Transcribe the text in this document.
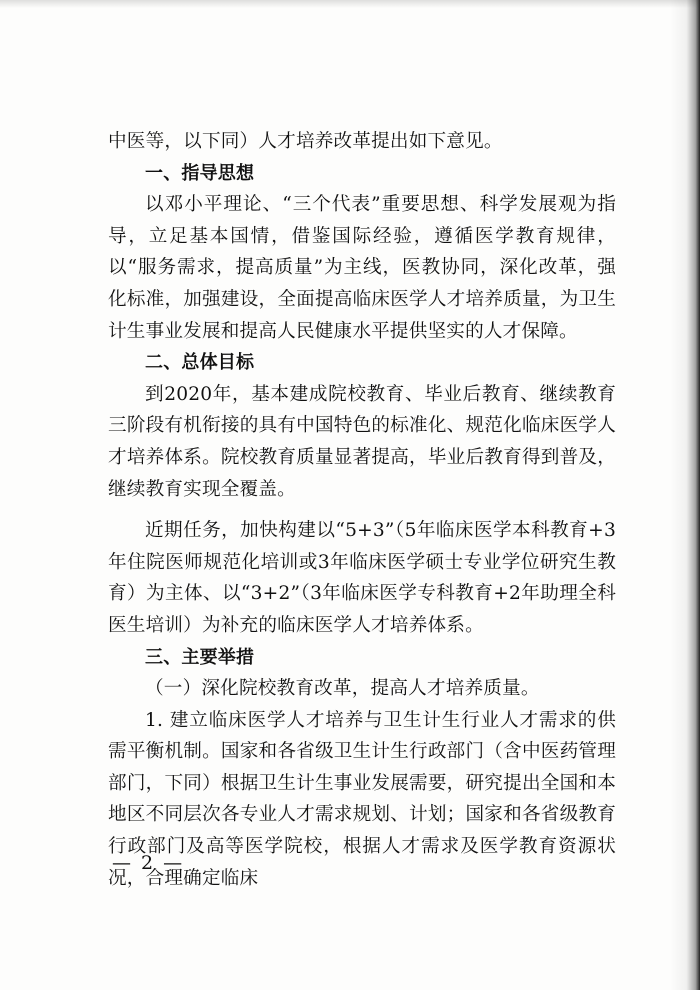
中医等，以下同）人才培养改革提出如下意见。

一、指导思想

以邓小平理论、“三个代表”重要思想、科学发展观为指导，立足基本国情，借鉴国际经验，遵循医学教育规律，以“服务需求，提高质量”为主线，医教协同，深化改革，强化标准，加强建设，全面提高临床医学人才培养质量，为卫生计生事业发展和提高人民健康水平提供坚实的人才保障。

二、总体目标

到2020年，基本建成院校教育、毕业后教育、继续教育三阶段有机衔接的具有中国特色的标准化、规范化临床医学人才培养体系。院校教育质量显著提高，毕业后教育得到普及，继续教育实现全覆盖。

近期任务，加快构建以“5+3”（5年临床医学本科教育+3年住院医师规范化培训或3年临床医学硕士专业学位研究生教育）为主体、以“3+2”（3年临床医学专科教育+2年助理全科医生培训）为补充的临床医学人才培养体系。

三、主要举措

（一）深化院校教育改革，提高人才培养质量。

1. 建立临床医学人才培养与卫生计生行业人才需求的供需平衡机制。国家和各省级卫生计生行政部门（含中医药管理部门，下同）根据卫生计生事业发展需要，研究提出全国和本地区不同层次各专业人才需求规划、计划；国家和各省级教育行政部门及高等医学院校，根据人才需求及医学教育资源状况，合理确定临床

— 2 —
